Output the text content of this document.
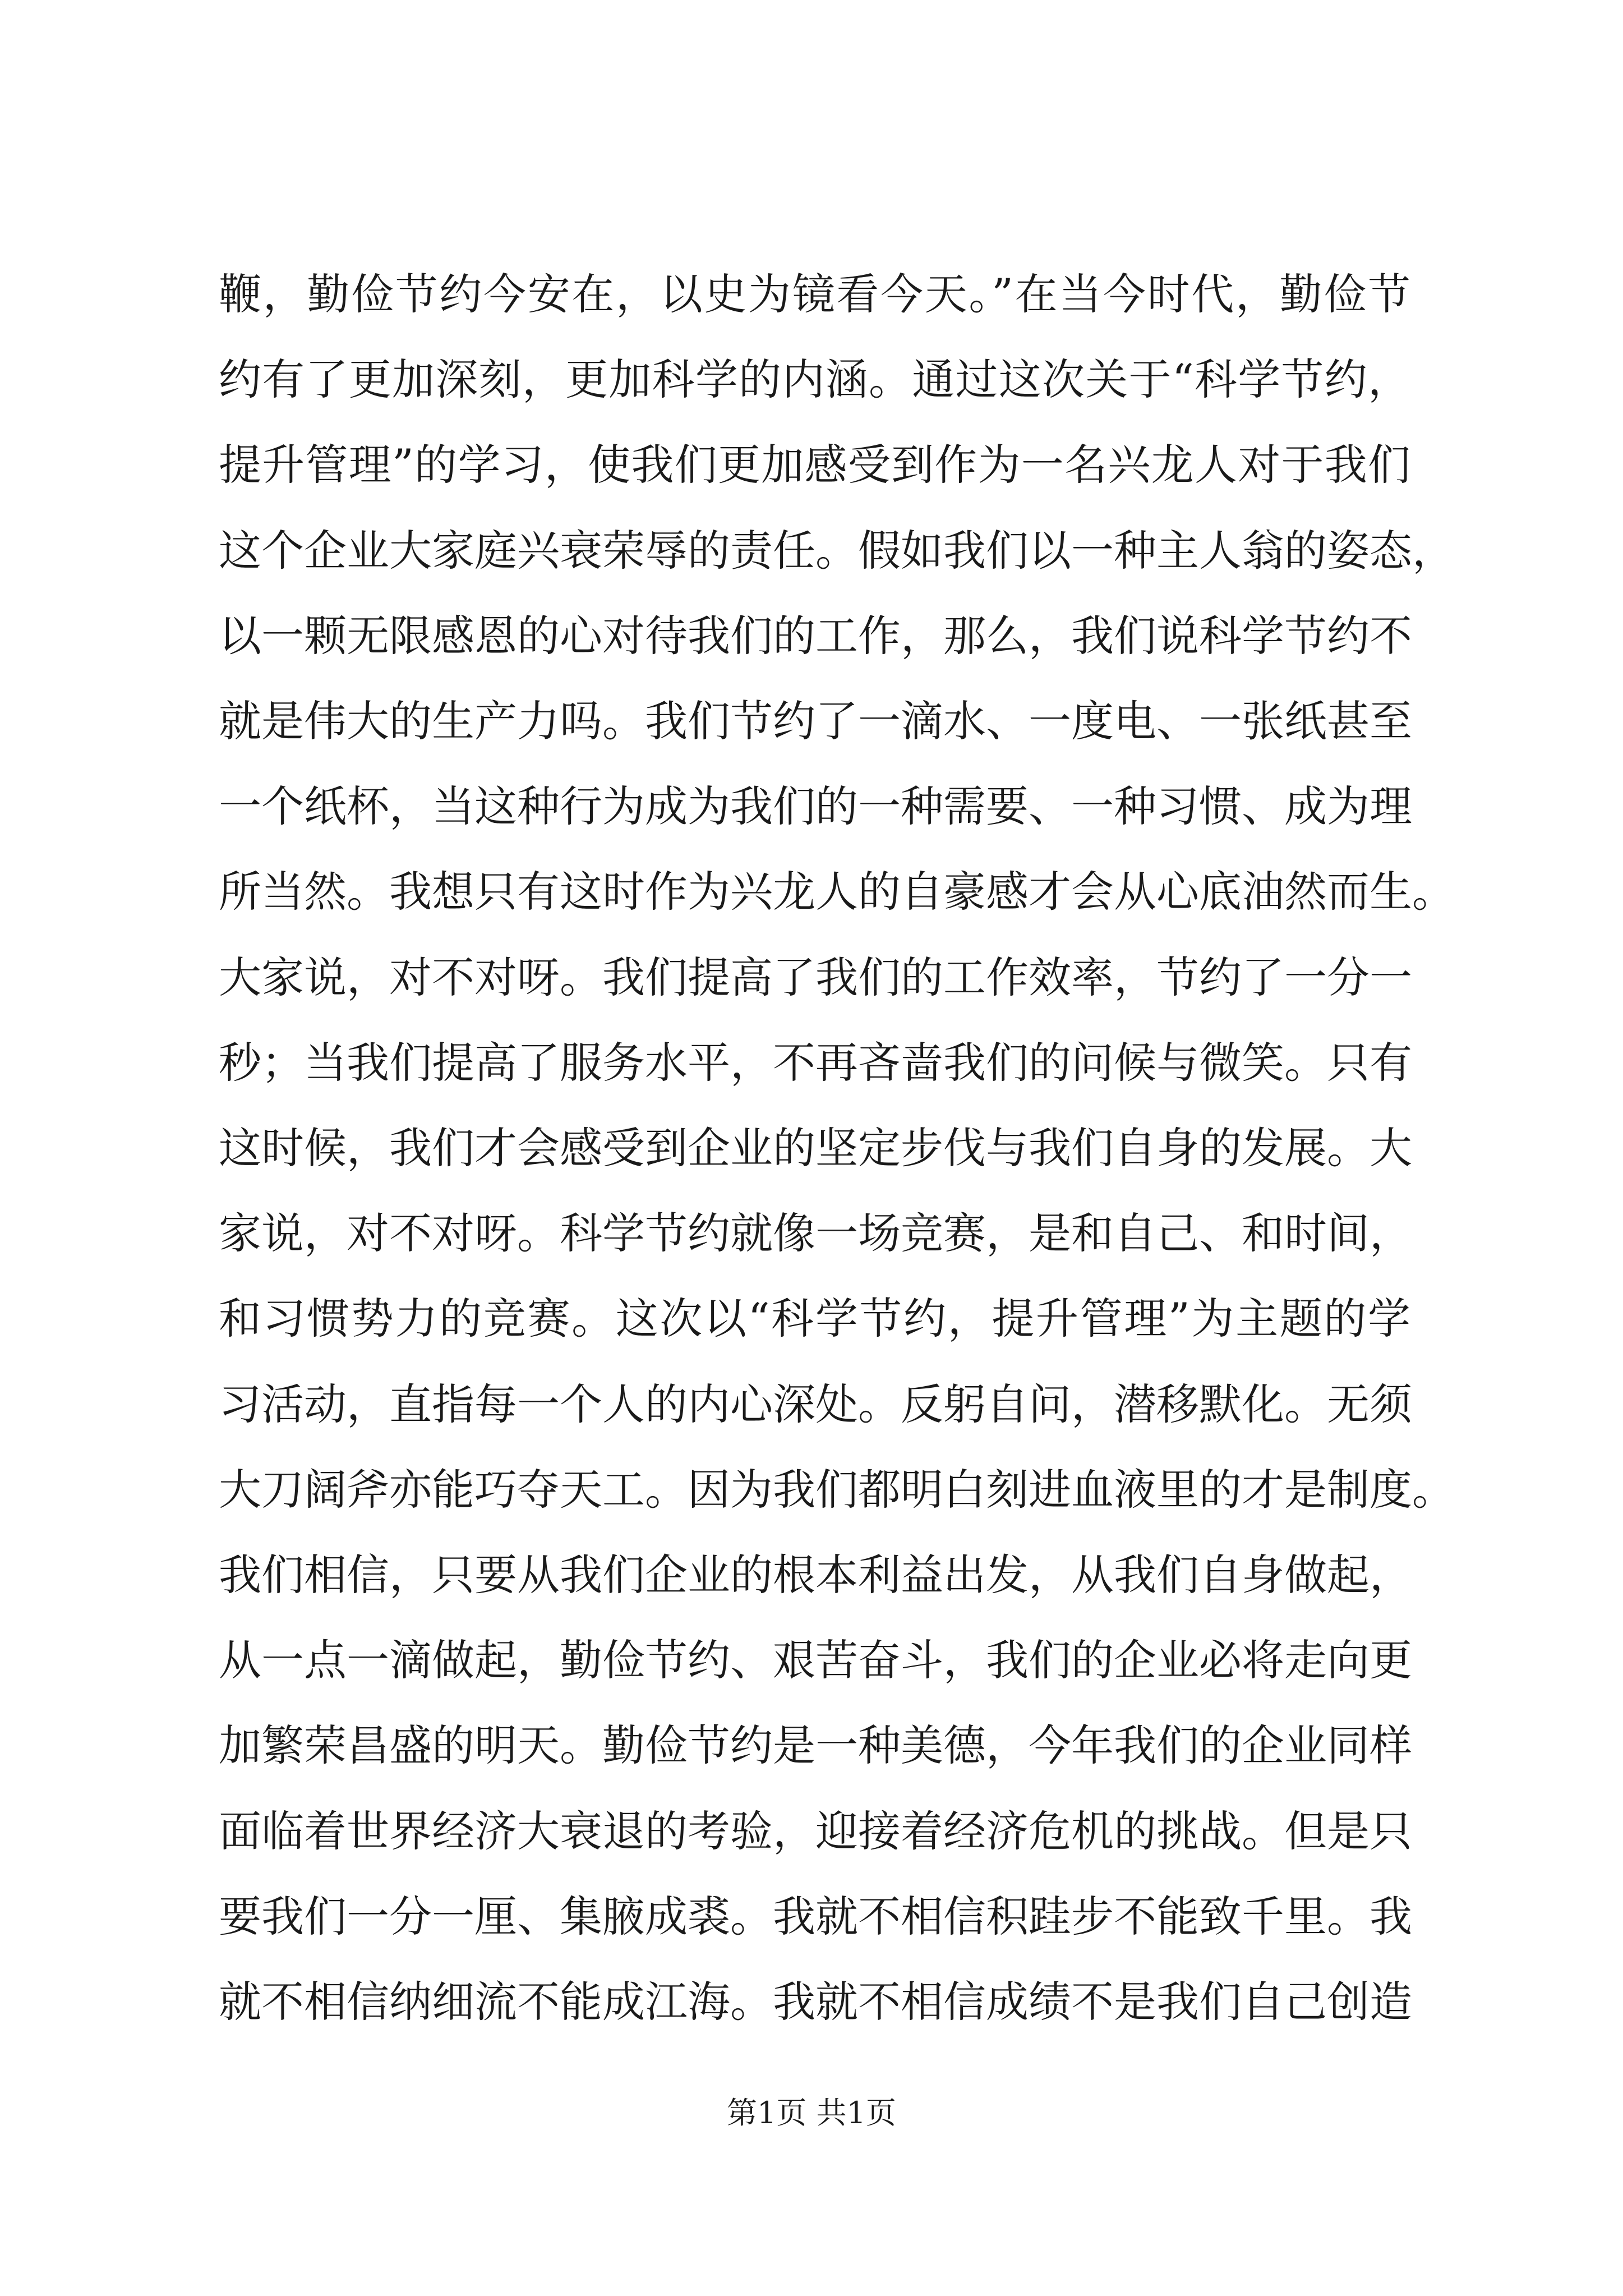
鞭，勤俭节约今安在，以史为镜看今天。”在当今时代，勤俭节
约有了更加深刻，更加科学的内涵。通过这次关于“科学节约，
提升管理”的学习，使我们更加感受到作为一名兴龙人对于我们
这个企业大家庭兴衰荣辱的责任。假如我们以一种主人翁的姿态，
以一颗无限感恩的心对待我们的工作，那么，我们说科学节约不
就是伟大的生产力吗。我们节约了一滴水、一度电、一张纸甚至
一个纸杯，当这种行为成为我们的一种需要、一种习惯、成为理
所当然。我想只有这时作为兴龙人的自豪感才会从心底油然而生。
大家说，对不对呀。我们提高了我们的工作效率，节约了一分一
秒；当我们提高了服务水平，不再吝啬我们的问候与微笑。只有
这时候，我们才会感受到企业的坚定步伐与我们自身的发展。大
家说，对不对呀。科学节约就像一场竞赛，是和自己、和时间，
和习惯势力的竞赛。这次以“科学节约，提升管理”为主题的学
习活动，直指每一个人的内心深处。反躬自问，潜移默化。无须
大刀阔斧亦能巧夺天工。因为我们都明白刻进血液里的才是制度。
我们相信，只要从我们企业的根本利益出发，从我们自身做起，
从一点一滴做起，勤俭节约、艰苦奋斗，我们的企业必将走向更
加繁荣昌盛的明天。勤俭节约是一种美德，今年我们的企业同样
面临着世界经济大衰退的考验，迎接着经济危机的挑战。但是只
要我们一分一厘、集腋成裘。我就不相信积跬步不能致千里。我
就不相信纳细流不能成江海。我就不相信成绩不是我们自己创造
第1页 共1页
